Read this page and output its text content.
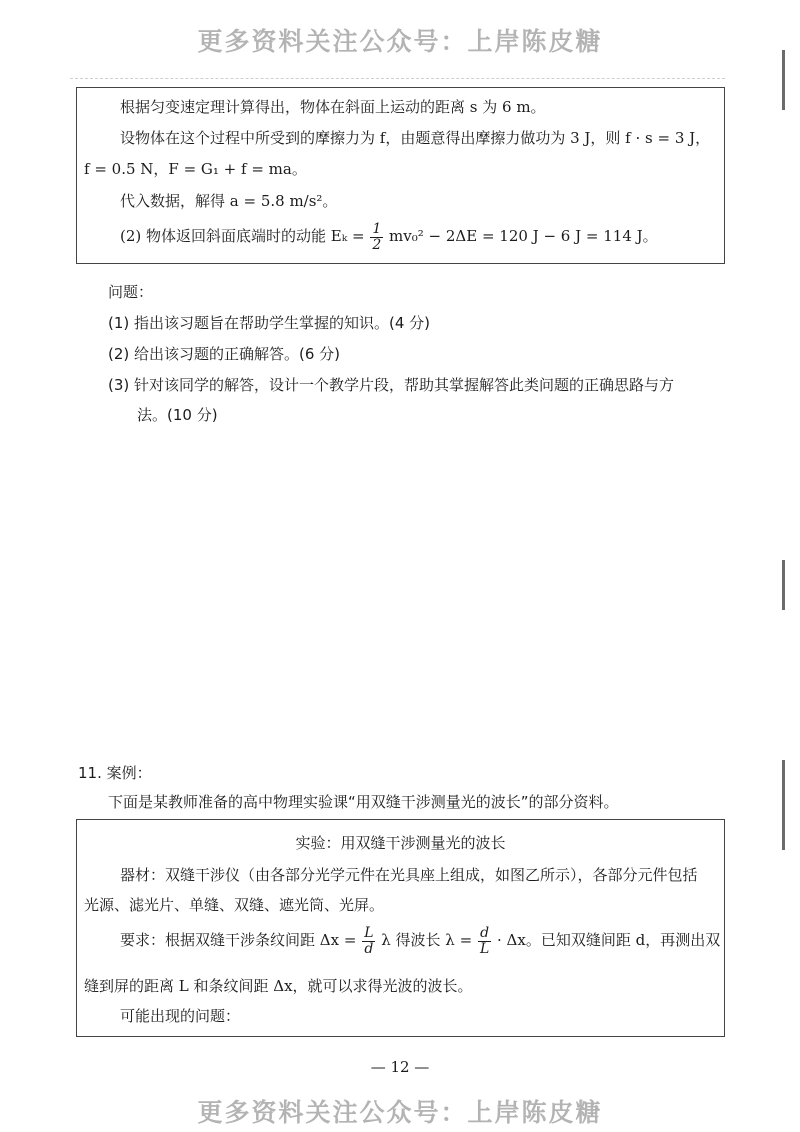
更多资料关注公众号：上岸陈皮糖
根据匀变速定理计算得出，物体在斜面上运动的距离 s 为 6 m。
设物体在这个过程中所受到的摩擦力为 f，由题意得出摩擦力做功为 3 J，则 f · s = 3 J，
f = 0.5 N，F = G₁ + f = ma。
代入数据，解得 a = 5.8 m/s²。
(2) 物体返回斜面底端时的动能 $E_k = \frac{1}{2} mv_0^2 - 2\Delta E = 120$ J − 6 J = 114 J。
问题：
(1) 指出该习题旨在帮助学生掌握的知识。(4 分)
(2) 给出该习题的正确解答。(6 分)
(3) 针对该同学的解答，设计一个教学片段，帮助其掌握解答此类问题的正确思路与方
法。(10 分)
11. 案例：
下面是某教师准备的高中物理实验课“用双缝干涉测量光的波长”的部分资料。
实验：用双缝干涉测量光的波长
器材：双缝干涉仪（由各部分光学元件在光具座上组成，如图乙所示），各部分元件包括
光源、滤光片、单缝、双缝、遮光筒、光屏。
要求：根据双缝干涉条纹间距 $\Delta x = \frac{L}{d}$ λ 得波长 $\lambda = \frac{d}{L} \cdot \Delta x$。已知双缝间距 d，再测出双
缝到屏的距离 L 和条纹间距 Δx，就可以求得光波的波长。
可能出现的问题：
— 12 —
更多资料关注公众号：上岸陈皮糖
